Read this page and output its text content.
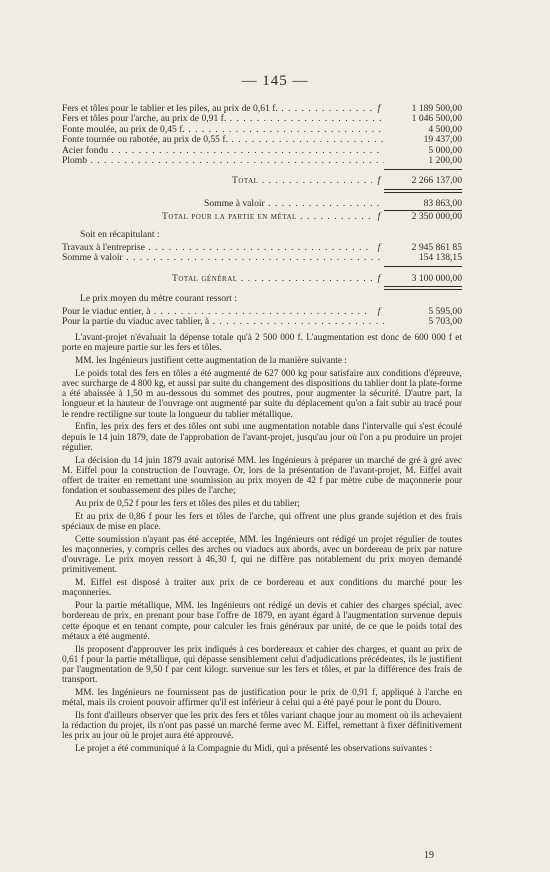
— 145 —
Fers et tôles pour le tablier et les piles, au prix de 0,61 f. . . .	f	1 189 500,00
Fers et tôles pour l'arche, au prix de 0,91 f. . . .	1 046 500,00
Fonte moulée, au prix de 0,45 f. . . .	4 500,00
Fonte tournée ou rabotée, au prix de 0,55 f. . . .	19 437,00
Acier fondu . . .	5 000,00
Plomb . . .	1 200,00
Total . . .	f	2 266 137,00
Somme à valoir . . .	83 863,00
Total pour la partie en métal . . .	f	2 350 000,00
Soit en récapitulant :
Travaux à l'entreprise . . .	f	2 945 861 85
Somme à valoir . . .	154 138,15
Total général . . .	f	3 100 000,00
Le prix moyen du mètre courant ressort :
Pour le viaduc entier, à . . .	f	5 595,00
Pour la partie du viaduc avec tablier, à . . .	5 703,00

L'avant-projet n'évaluait la dépense totale qu'à 2 500 000 f. L'augmentation est donc de 600 000 f et porte en majeure partie sur les fers et tôles.

MM. les Ingénieurs justifient cette augmentation de la manière suivante :

Le poids total des fers en tôles a été augmenté de 627 000 kg pour satisfaire aux conditions d'épreuve, avec surcharge de 4 800 kg, et aussi par suite du changement des dispositions du tablier dont la plate-forme a été abaissée à 1,50 m au-dessous du sommet des poutres, pour augmenter la sécurité. D'autre part, la longueur et la hauteur de l'ouvrage ont augmenté par suite du déplacement qu'on a fait subir au tracé pour le rendre rectiligne sur toute la longueur du tablier métallique.

Enfin, les prix des fers et des tôles ont subi une augmentation notable dans l'intervalle qui s'est écoulé depuis le 14 juin 1879, date de l'approbation de l'avant-projet, jusqu'au jour où l'on a pu produire un projet régulier.

La décision du 14 juin 1879 avait autorisé MM. les Ingénieurs à préparer un marché de gré à gré avec M. Eiffel pour la construction de l'ouvrage. Or, lors de la présentation de l'avant-projet, M. Eiffel avait offert de traiter en remettant une soumission au prix moyen de 42 f par mètre cube de maçonnerie pour fondation et soubassement des piles de l'arche;

Au prix de 0,52 f pour les fers et tôles des piles et du tablier;

Et au prix de 0,86 f pour les fers et tôles de l'arche, qui offrent une plus grande sujétion et des frais spéciaux de mise en place.

Cette soumission n'ayant pas été acceptée, MM. les Ingénieurs ont rédigé un projet régulier de toutes les maçonneries, y compris celles des arches ou viaducs aux abords, avec un bordereau de prix par nature d'ouvrage. Le prix moyen ressort à 46,30 f, qui ne diffère pas notablement du prix moyen demandé primitivement.

M. Eiffel est disposé à traiter aux prix de ce bordereau et aux conditions du marché pour les maçonneries.

Pour la partie métallique, MM. les Ingénieurs ont rédigé un devis et cahier des charges spécial, avec bordereau de prix, en prenant pour base l'offre de 1879, en ayant égard à l'augmentation survenue depuis cette époque et en tenant compte, pour calculer les frais généraux par unité, de ce que le poids total des métaux a été augmenté.

Ils proposent d'approuver les prix indiqués à ces bordereaux et cahier des charges, et quant au prix de 0,61 f pour la partie métallique, qui dépasse sensiblement celui d'adjudications précédentes, ils le justifient par l'augmentation de 9,50 f par cent kilogr. survenue sur les fers et tôles, et par la différence des frais de transport.

MM. les Ingénieurs ne fournissent pas de justification pour le prix de 0,91 f, appliqué à l'arche en métal, mais ils croient pouvoir affirmer qu'il est inférieur à celui qui a été payé pour le pont du Douro.

Ils font d'ailleurs observer que les prix des fers et tôles variant chaque jour au moment où ils achevaient la rédaction du projet, ils n'ont pas passé un marché ferme avec M. Eiffel, remettant à fixer définitivement les prix au jour où le projet aura été approuvé.

Le projet a été communiqué à la Compagnie du Midi, qui a présenté les observations suivantes :

19
